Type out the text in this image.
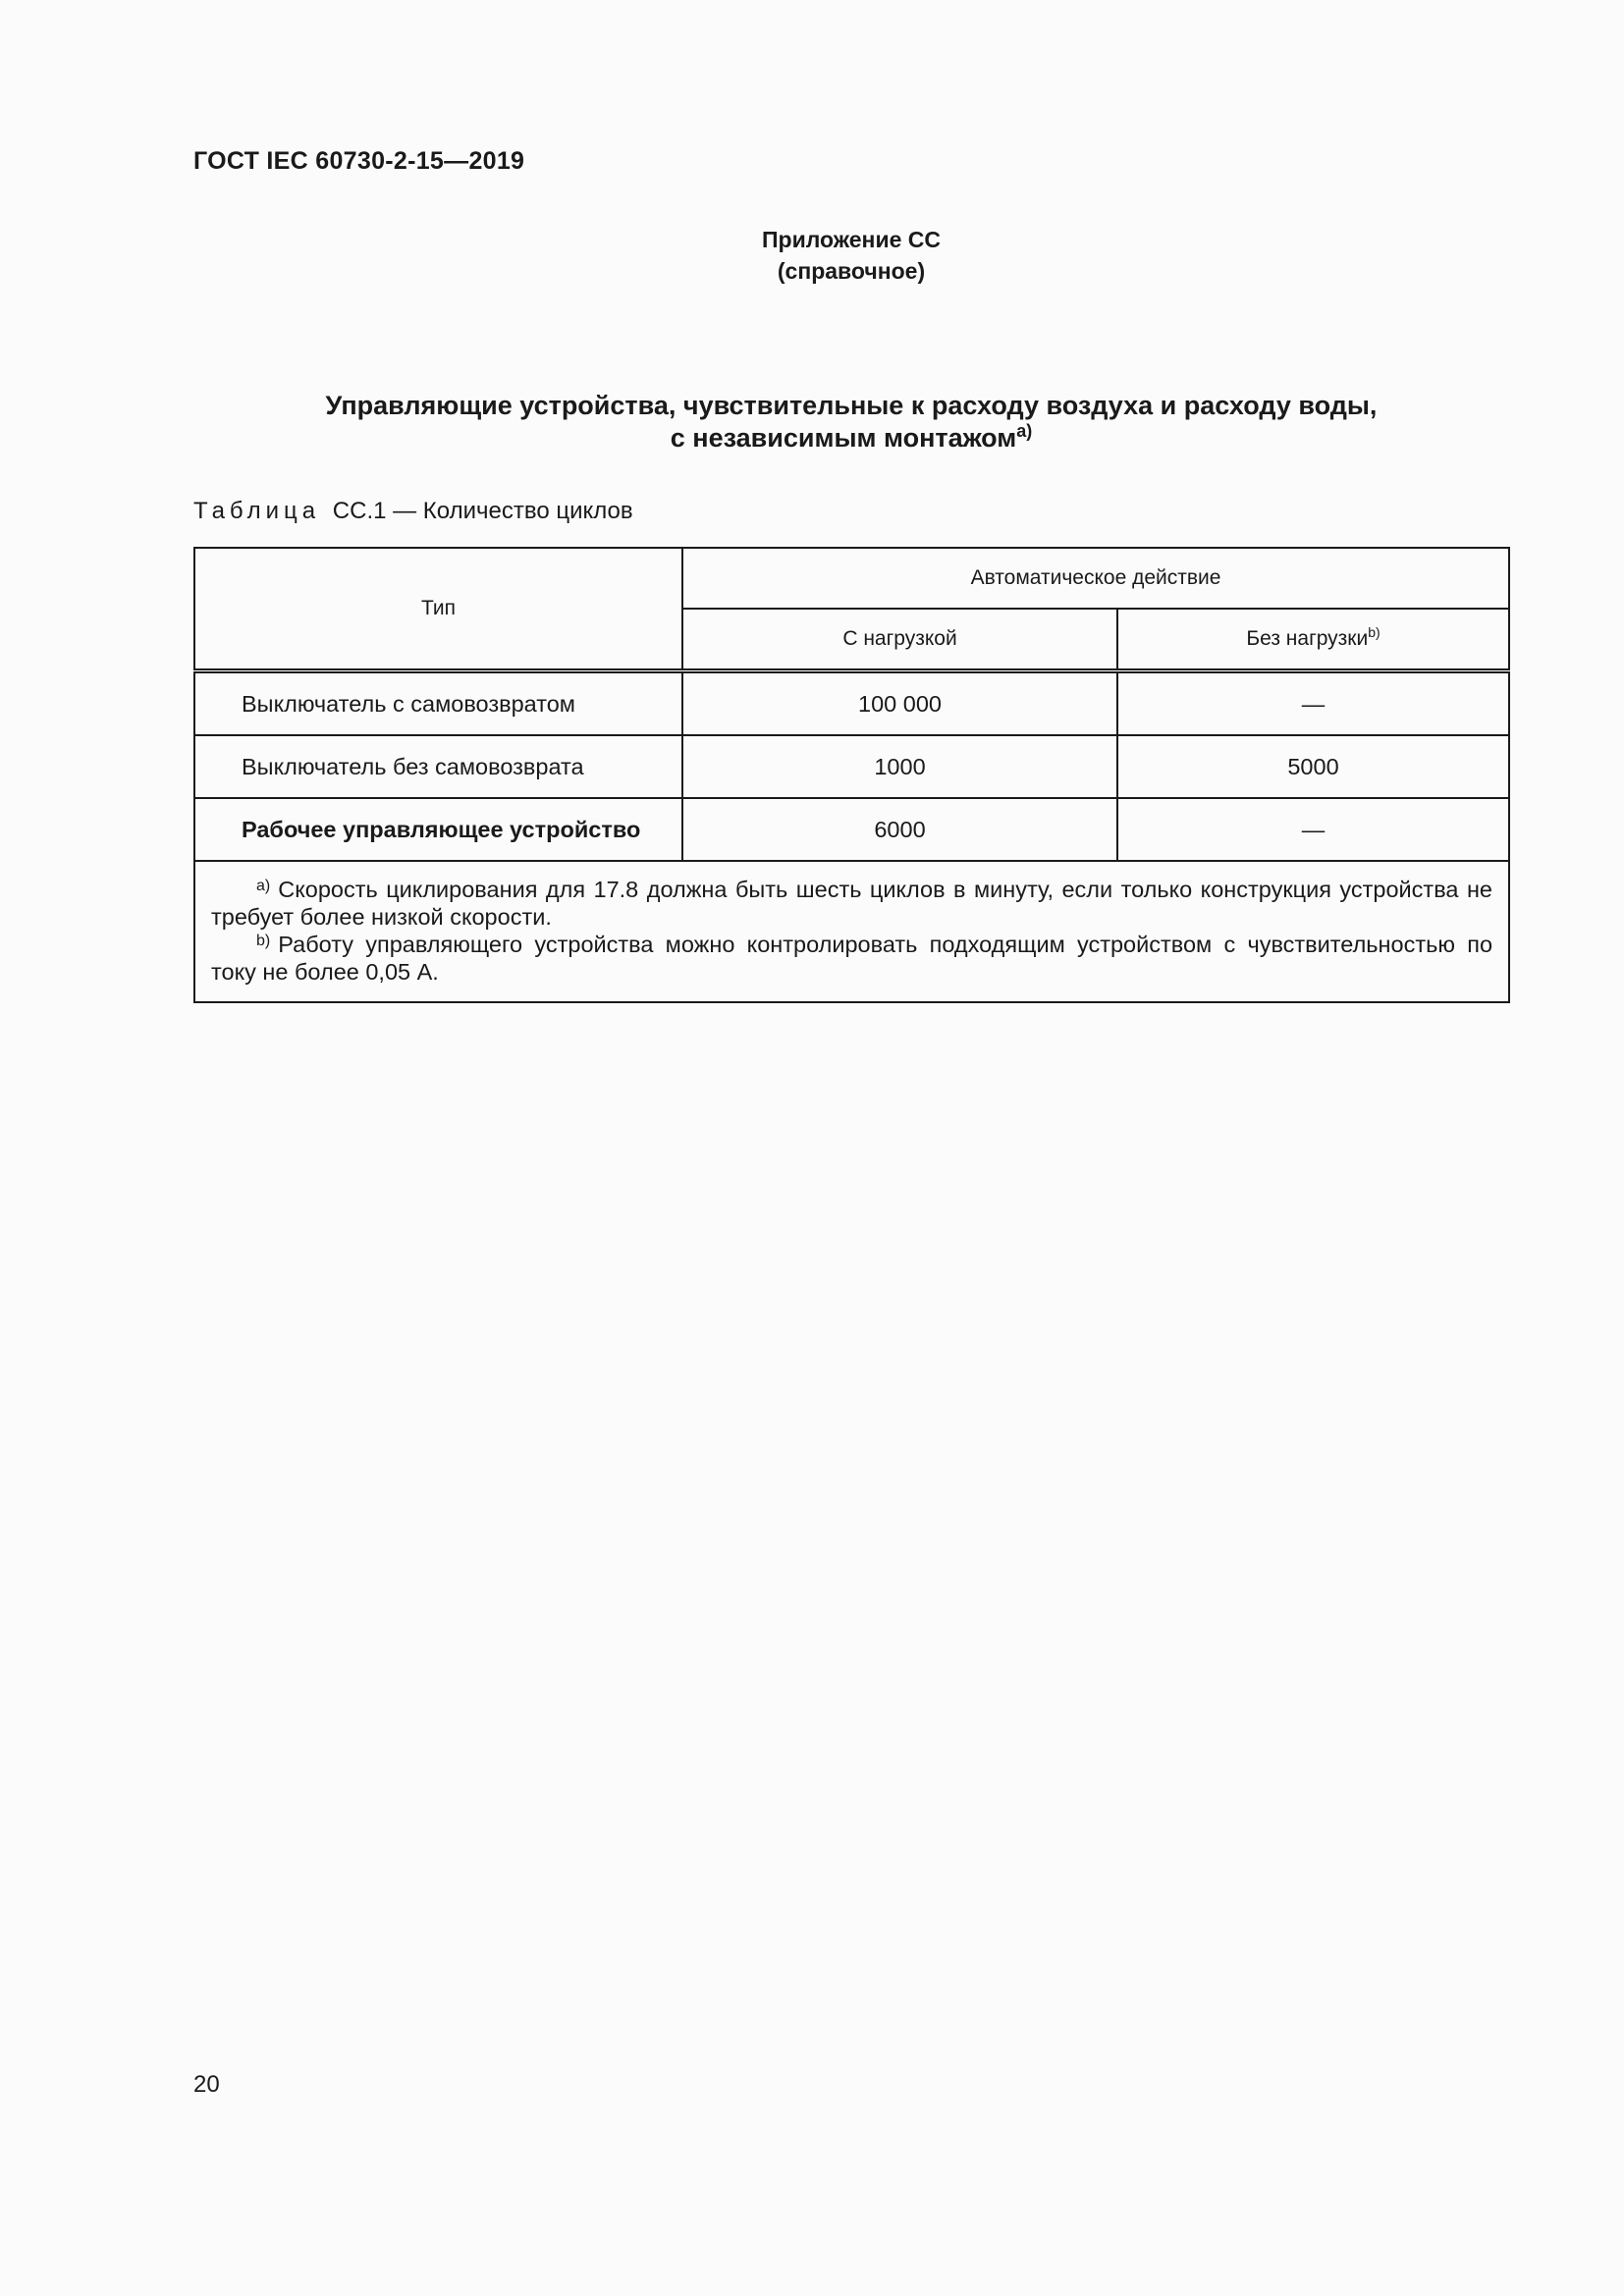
ГОСТ IEC 60730-2-15—2019
Приложение СС
(справочное)
Управляющие устройства, чувствительные к расходу воздуха и расходу воды,
с независимым монтажом$^{a)}$
Таблица СС.1 — Количество циклов
Тип	Автоматическое действие	
	С нагрузкой	Без нагрузки$^{b)}$
Выключатель с самовозвратом	100 000	—
Выключатель без самовозврата	1000	5000
Рабочее управляющее устройство	6000	—

$^{a)}$ Скорость циклирования для 17.8 должна быть шесть циклов в минуту, если только конструкция устройства не требует более низкой скорости.

$^{b)}$ Работу управляющего устройства можно контролировать подходящим устройством с чувствительностью по току не более 0,05 А.		

20
